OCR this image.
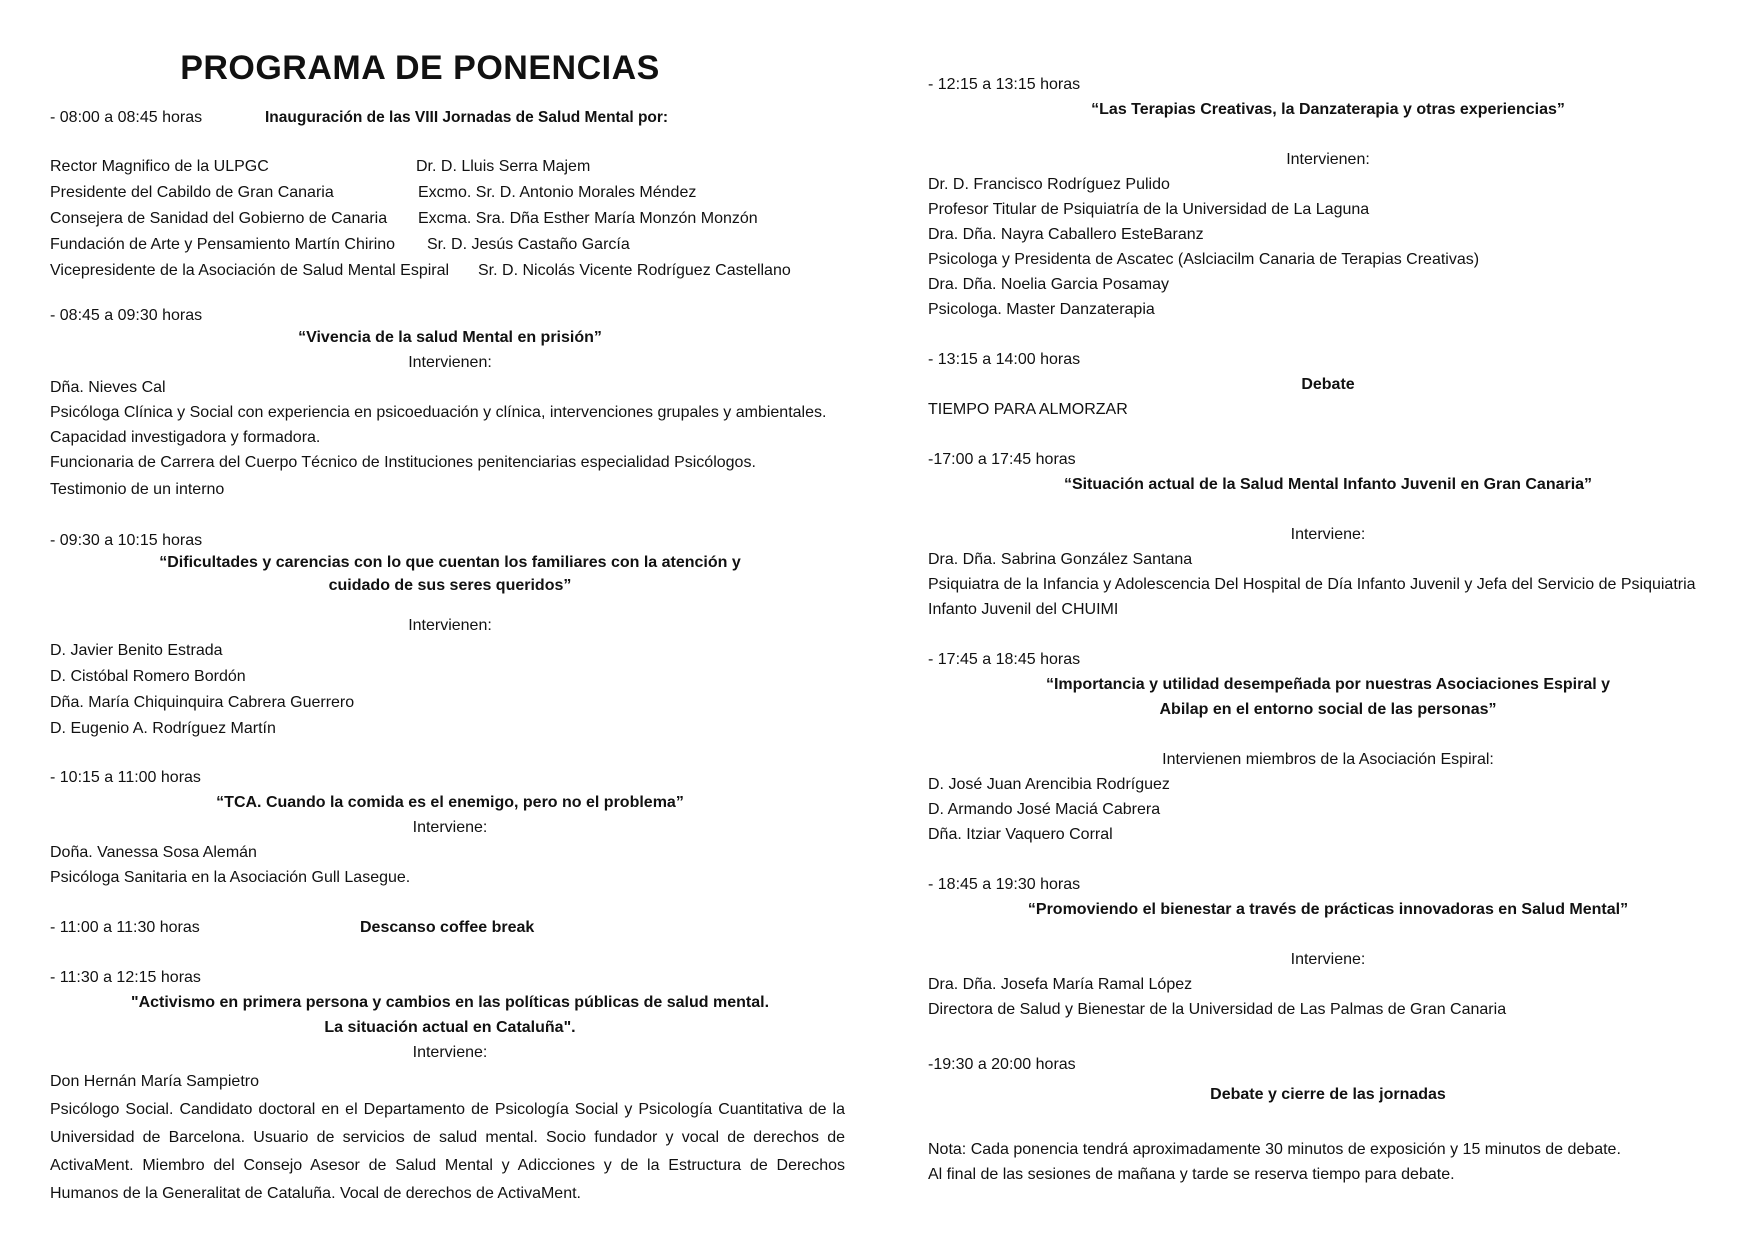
PROGRAMA DE PONENCIAS
- 08:00 a 08:45 horas	Inauguración de las VIII Jornadas de Salud Mental por:
Rector Magnifico de la ULPGC	Dr. D. Lluis Serra Majem
Presidente del Cabildo de Gran Canaria	Excmo. Sr. D. Antonio Morales Méndez
Consejera de Sanidad del Gobierno de Canaria Excma. Sra. Dña Esther María Monzón Monzón
Fundación de Arte y Pensamiento Martín Chirino Sr. D. Jesús Castaño García
Vicepresidente de la Asociación de Salud Mental Espiral Sr. D. Nicolás Vicente Rodríguez Castellano
- 08:45 a 09:30 horas
“Vivencia de la salud Mental en prisión”
Intervienen:
Dña. Nieves Cal
Psicóloga Clínica y Social con experiencia en psicoeduación y clínica, intervenciones grupales y ambientales.
Capacidad investigadora y formadora.
Funcionaria de Carrera del Cuerpo Técnico de Instituciones penitenciarias especialidad Psicólogos.
Testimonio de un interno
- 09:30 a 10:15 horas
“Dificultades y carencias con lo que cuentan los familiares con la atención y
cuidado de sus seres queridos”
Intervienen:
D. Javier Benito Estrada
D. Cistóbal Romero Bordón
Dña. María Chiquinquira Cabrera Guerrero
D. Eugenio A. Rodríguez Martín
- 10:15 a 11:00 horas
“TCA. Cuando la comida es el enemigo, pero no el problema”
Interviene:
Doña. Vanessa Sosa Alemán
Psicóloga Sanitaria en la Asociación Gull Lasegue.
- 11:00 a 11:30 horas	Descanso coffee break
- 11:30 a 12:15 horas
"Activismo en primera persona y cambios en las políticas públicas de salud mental.
La situación actual en Cataluña".
Interviene:
Don Hernán María Sampietro
Psicólogo Social. Candidato doctoral en el Departamento de Psicología Social y Psicología Cuantitativa de la Universidad de Barcelona. Usuario de servicios de salud mental. Socio fundador y vocal de derechos de ActivaMent. Miembro del Consejo Asesor de Salud Mental y Adicciones y de la Estructura de Derechos Humanos de la Generalitat de Cataluña. Vocal de derechos de ActivaMent.
- 12:15 a 13:15 horas
“Las Terapias Creativas, la Danzaterapia y otras experiencias”
Intervienen:
Dr. D. Francisco Rodríguez Pulido
Profesor Titular de Psiquiatría de la Universidad de La Laguna
Dra. Dña. Nayra Caballero EsteBaranz
Psicologa y Presidenta de Ascatec (Aslciacilm Canaria de Terapias Creativas)
Dra. Dña. Noelia Garcia Posamay
Psicologa. Master Danzaterapia
- 13:15 a 14:00 horas
Debate
TIEMPO PARA ALMORZAR
-17:00 a 17:45 horas
“Situación actual de la Salud Mental Infanto Juvenil en Gran Canaria”
Interviene:
Dra. Dña. Sabrina González Santana
Psiquiatra de la Infancia y Adolescencia Del Hospital de Día Infanto Juvenil y Jefa del Servicio de Psiquiatria
Infanto Juvenil del CHUIMI
- 17:45 a 18:45 horas
“Importancia y utilidad desempeñada por nuestras Asociaciones Espiral y
Abilap en el entorno social de las personas”
Intervienen miembros de la Asociación Espiral:
D. José Juan Arencibia Rodríguez
D. Armando José Maciá Cabrera
Dña. Itziar Vaquero Corral
- 18:45 a 19:30 horas
“Promoviendo el bienestar a través de prácticas innovadoras en Salud Mental”
Interviene:
Dra. Dña. Josefa María Ramal López
Directora de Salud y Bienestar de la Universidad de Las Palmas de Gran Canaria
-19:30 a 20:00 horas
Debate y cierre de las jornadas
Nota: Cada ponencia tendrá aproximadamente 30 minutos de exposición y 15 minutos de debate.
Al final de las sesiones de mañana y tarde se reserva tiempo para debate.
